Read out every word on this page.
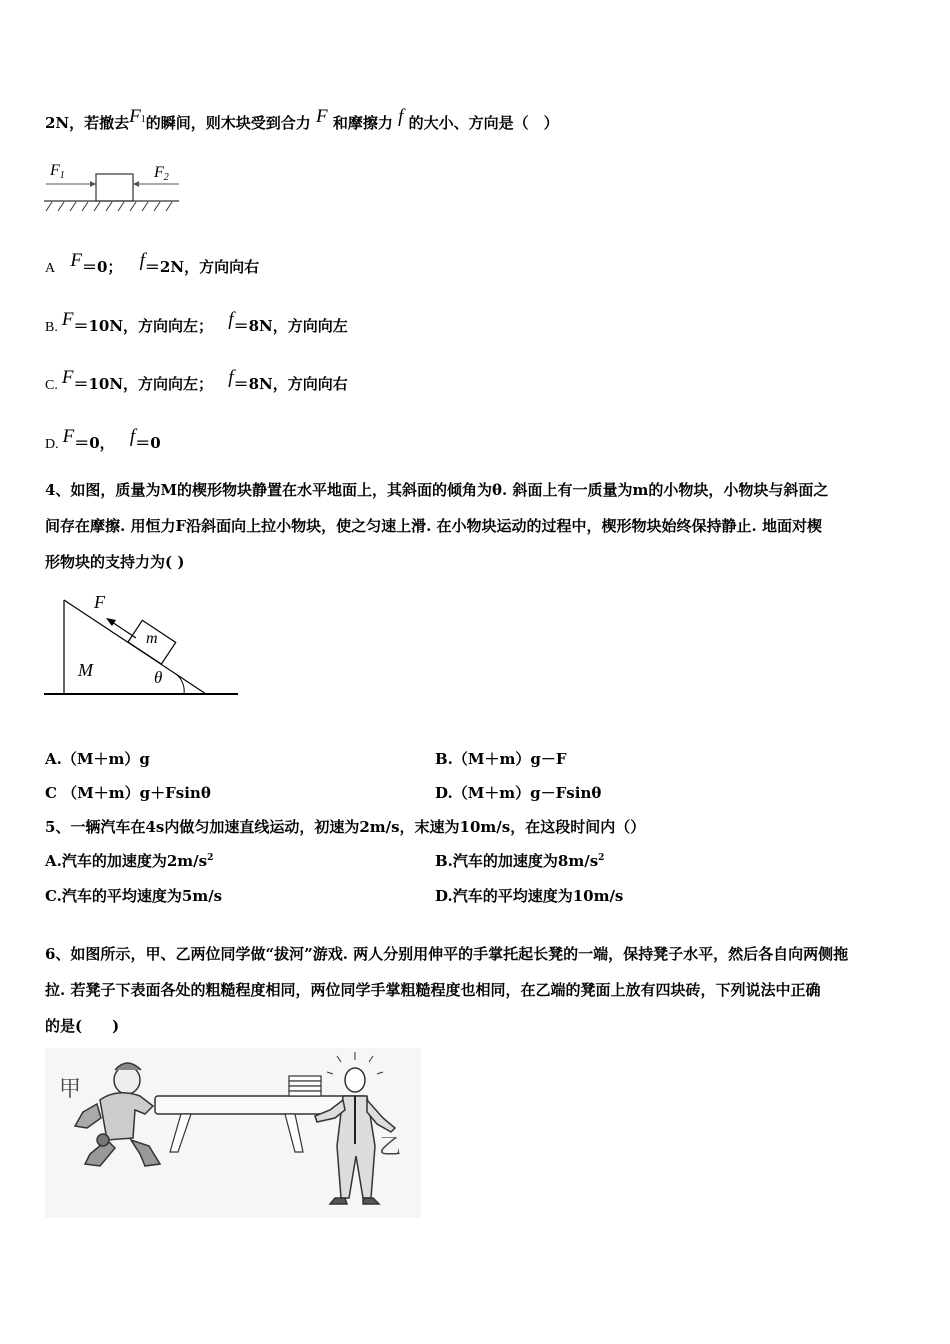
2N，若撤去F1的瞬间，则木块受到合力 F 和摩擦力 f 的大小、方向是（　）
F1	F2
A F＝0； f＝2N，方向向右
B. F＝10N，方向向左； f＝8N，方向向左
C. F＝10N，方向向左； f＝8N，方向向右
D. F＝0， f＝0
4、如图，质量为M的楔形物块静置在水平地面上，其斜面的倾角为θ. 斜面上有一质量为m的小物块，小物块与斜面之
间存在摩擦. 用恒力F沿斜面向上拉小物块，使之匀速上滑. 在小物块运动的过程中，楔形物块始终保持静止. 地面对楔
形物块的支持力为( )
F
m
M	θ
A.（M＋m）g	B.（M＋m）g－F
C （M＋m）g＋Fsinθ	D.（M＋m）g－Fsinθ
5、一辆汽车在4s内做匀加速直线运动，初速为2m/s，末速为10m/s，在这段时间内（）
A.汽车的加速度为$2m/s^2$	B.汽车的加速度为$8m/s^2$
C.汽车的平均速度为5m/s	D.汽车的平均速度为10m/s
6、如图所示，甲、乙两位同学做“拔河”游戏. 两人分别用伸平的手掌托起长凳的一端，保持凳子水平，然后各自向两侧拖
拉. 若凳子下表面各处的粗糙程度相同，两位同学手掌粗糙程度也相同，在乙端的凳面上放有四块砖，下列说法中正确
的是(　　)
甲
乙
